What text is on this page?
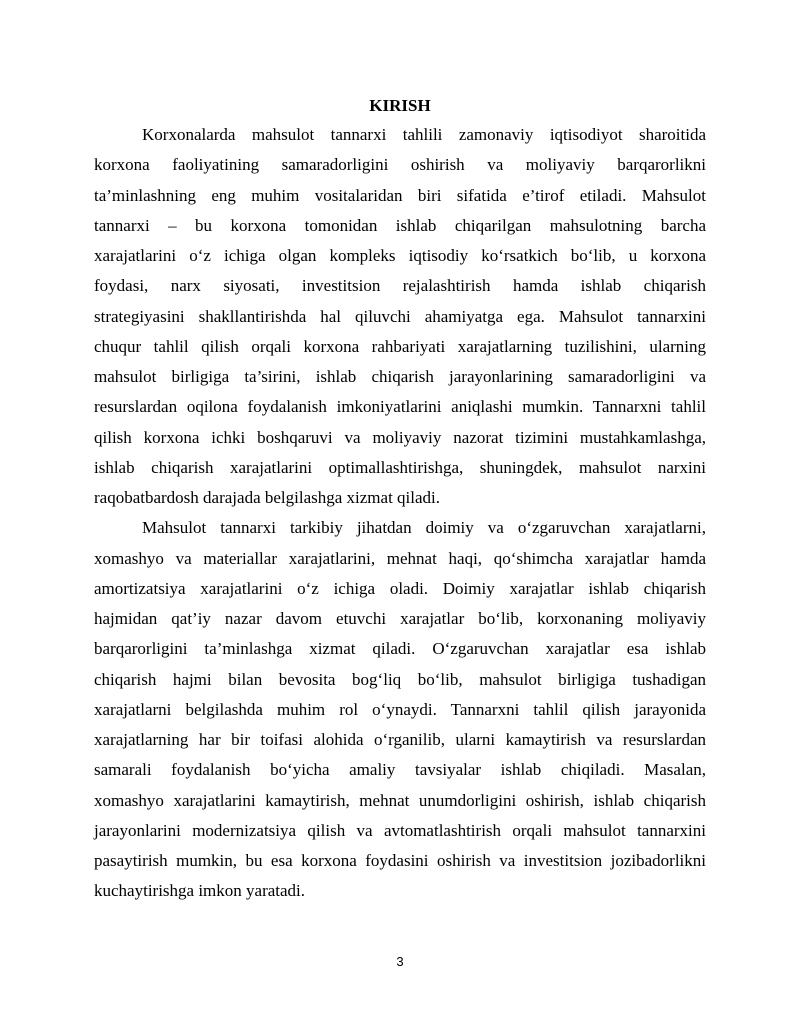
KIRISH
Korxonalarda mahsulot tannarxi tahlili zamonaviy iqtisodiyot sharoitida
korxona faoliyatining samaradorligini oshirish va moliyaviy barqarorlikni
ta’minlashning eng muhim vositalaridan biri sifatida e’tirof etiladi. Mahsulot
tannarxi – bu korxona tomonidan ishlab chiqarilgan mahsulotning barcha
xarajatlarini o‘z ichiga olgan kompleks iqtisodiy ko‘rsatkich bo‘lib, u korxona
foydasi, narx siyosati, investitsion rejalashtirish hamda ishlab chiqarish
strategiyasini shakllantirishda hal qiluvchi ahamiyatga ega. Mahsulot tannarxini
chuqur tahlil qilish orqali korxona rahbariyati xarajatlarning tuzilishini, ularning
mahsulot birligiga ta’sirini, ishlab chiqarish jarayonlarining samaradorligini va
resurslardan oqilona foydalanish imkoniyatlarini aniqlashi mumkin. Tannarxni tahlil
qilish korxona ichki boshqaruvi va moliyaviy nazorat tizimini mustahkamlashga,
ishlab chiqarish xarajatlarini optimallashtirishga, shuningdek, mahsulot narxini
raqobatbardosh darajada belgilashga xizmat qiladi.
Mahsulot tannarxi tarkibiy jihatdan doimiy va o‘zgaruvchan xarajatlarni,
xomashyo va materiallar xarajatlarini, mehnat haqi, qo‘shimcha xarajatlar hamda
amortizatsiya xarajatlarini o‘z ichiga oladi. Doimiy xarajatlar ishlab chiqarish
hajmidan qat’iy nazar davom etuvchi xarajatlar bo‘lib, korxonaning moliyaviy
barqarorligini ta’minlashga xizmat qiladi. O‘zgaruvchan xarajatlar esa ishlab
chiqarish hajmi bilan bevosita bog‘liq bo‘lib, mahsulot birligiga tushadigan
xarajatlarni belgilashda muhim rol o‘ynaydi. Tannarxni tahlil qilish jarayonida
xarajatlarning har bir toifasi alohida o‘rganilib, ularni kamaytirish va resurslardan
samarali foydalanish bo‘yicha amaliy tavsiyalar ishlab chiqiladi. Masalan,
xomashyo xarajatlarini kamaytirish, mehnat unumdorligini oshirish, ishlab chiqarish
jarayonlarini modernizatsiya qilish va avtomatlashtirish orqali mahsulot tannarxini
pasaytirish mumkin, bu esa korxona foydasini oshirish va investitsion jozibadorlikni
kuchaytirishga imkon yaratadi.
3
